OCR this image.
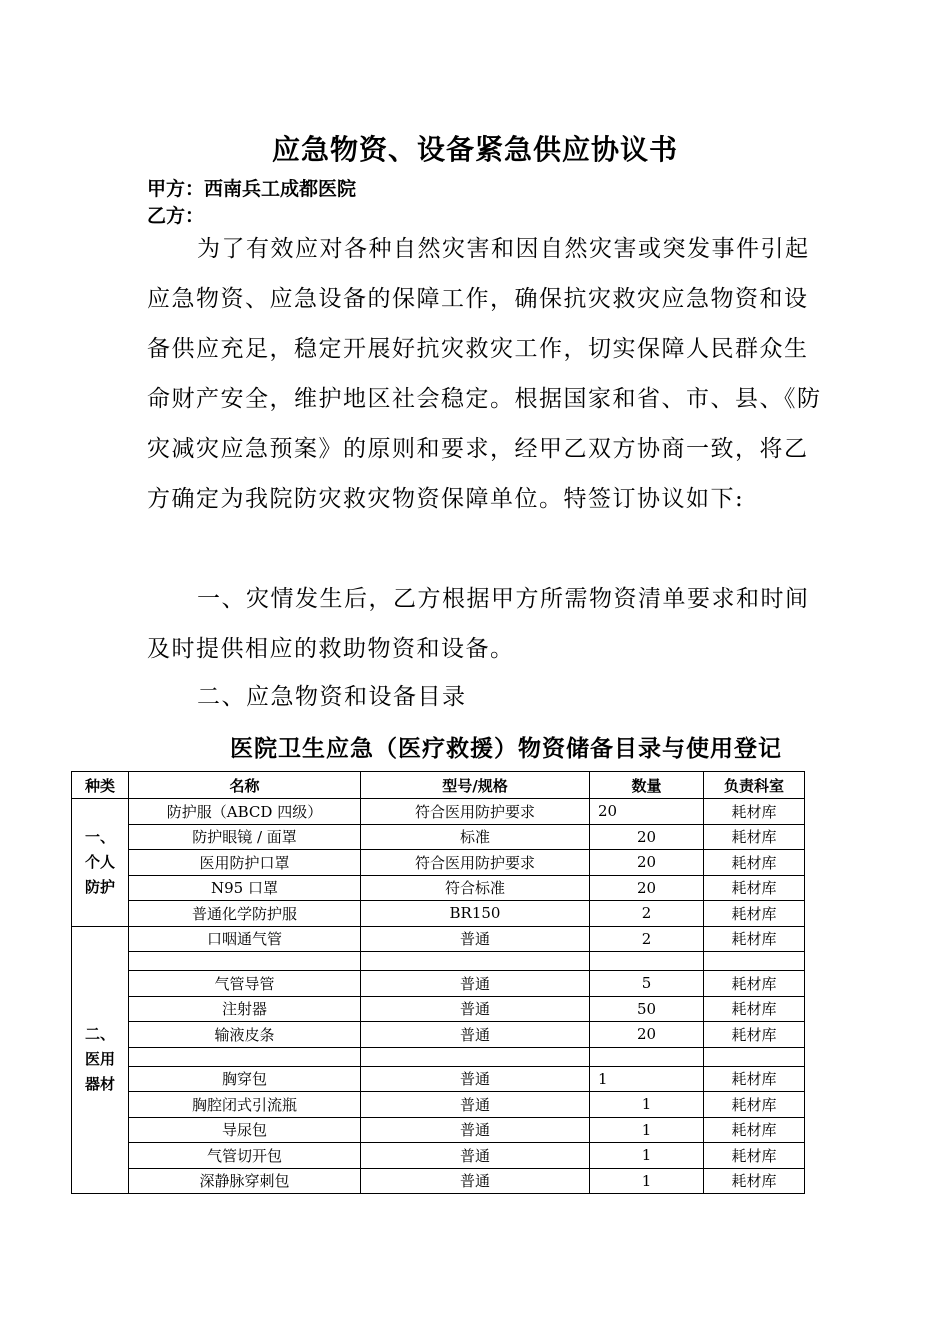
应急物资、设备紧急供应协议书
甲方：西南兵工成都医院
乙方：
为了有效应对各种自然灾害和因自然灾害或突发事件引起应急物资、应急设备的保障工作，确保抗灾救灾应急物资和设备供应充足，稳定开展好抗灾救灾工作，切实保障人民群众生命财产安全，维护地区社会稳定。根据国家和省、市、县、《防灾减灾应急预案》的原则和要求，经甲乙双方协商一致，将乙方确定为我院防灾救灾物资保障单位。特签订协议如下:
一、灾情发生后，乙方根据甲方所需物资清单要求和时间及时提供相应的救助物资和设备。
二、应急物资和设备目录
医院卫生应急（医疗救援）物资储备目录与使用登记
种类	名称	型号/规格	数量	负责科室

一、
个人
防护	防护服（ABCD 四级）	符合医用防护要求	20	耗材库
	防护眼镜 / 面罩	标准	20	耗材库
	医用防护口罩	符合医用防护要求	20	耗材库
	N95 口罩	符合标准	20	耗材库
	普通化学防护服	BR150	2	耗材库

二、
医用
器材	口咽通气管	普通	2	耗材库

	气管导管	普通	5	耗材库
	注射器	普通	50	耗材库
	输液皮条	普通	20	耗材库

	胸穿包	普通	1	耗材库
	胸腔闭式引流瓶	普通	1	耗材库
	导尿包	普通	1	耗材库
	气管切开包	普通	1	耗材库
	深静脉穿刺包	普通	1	耗材库
